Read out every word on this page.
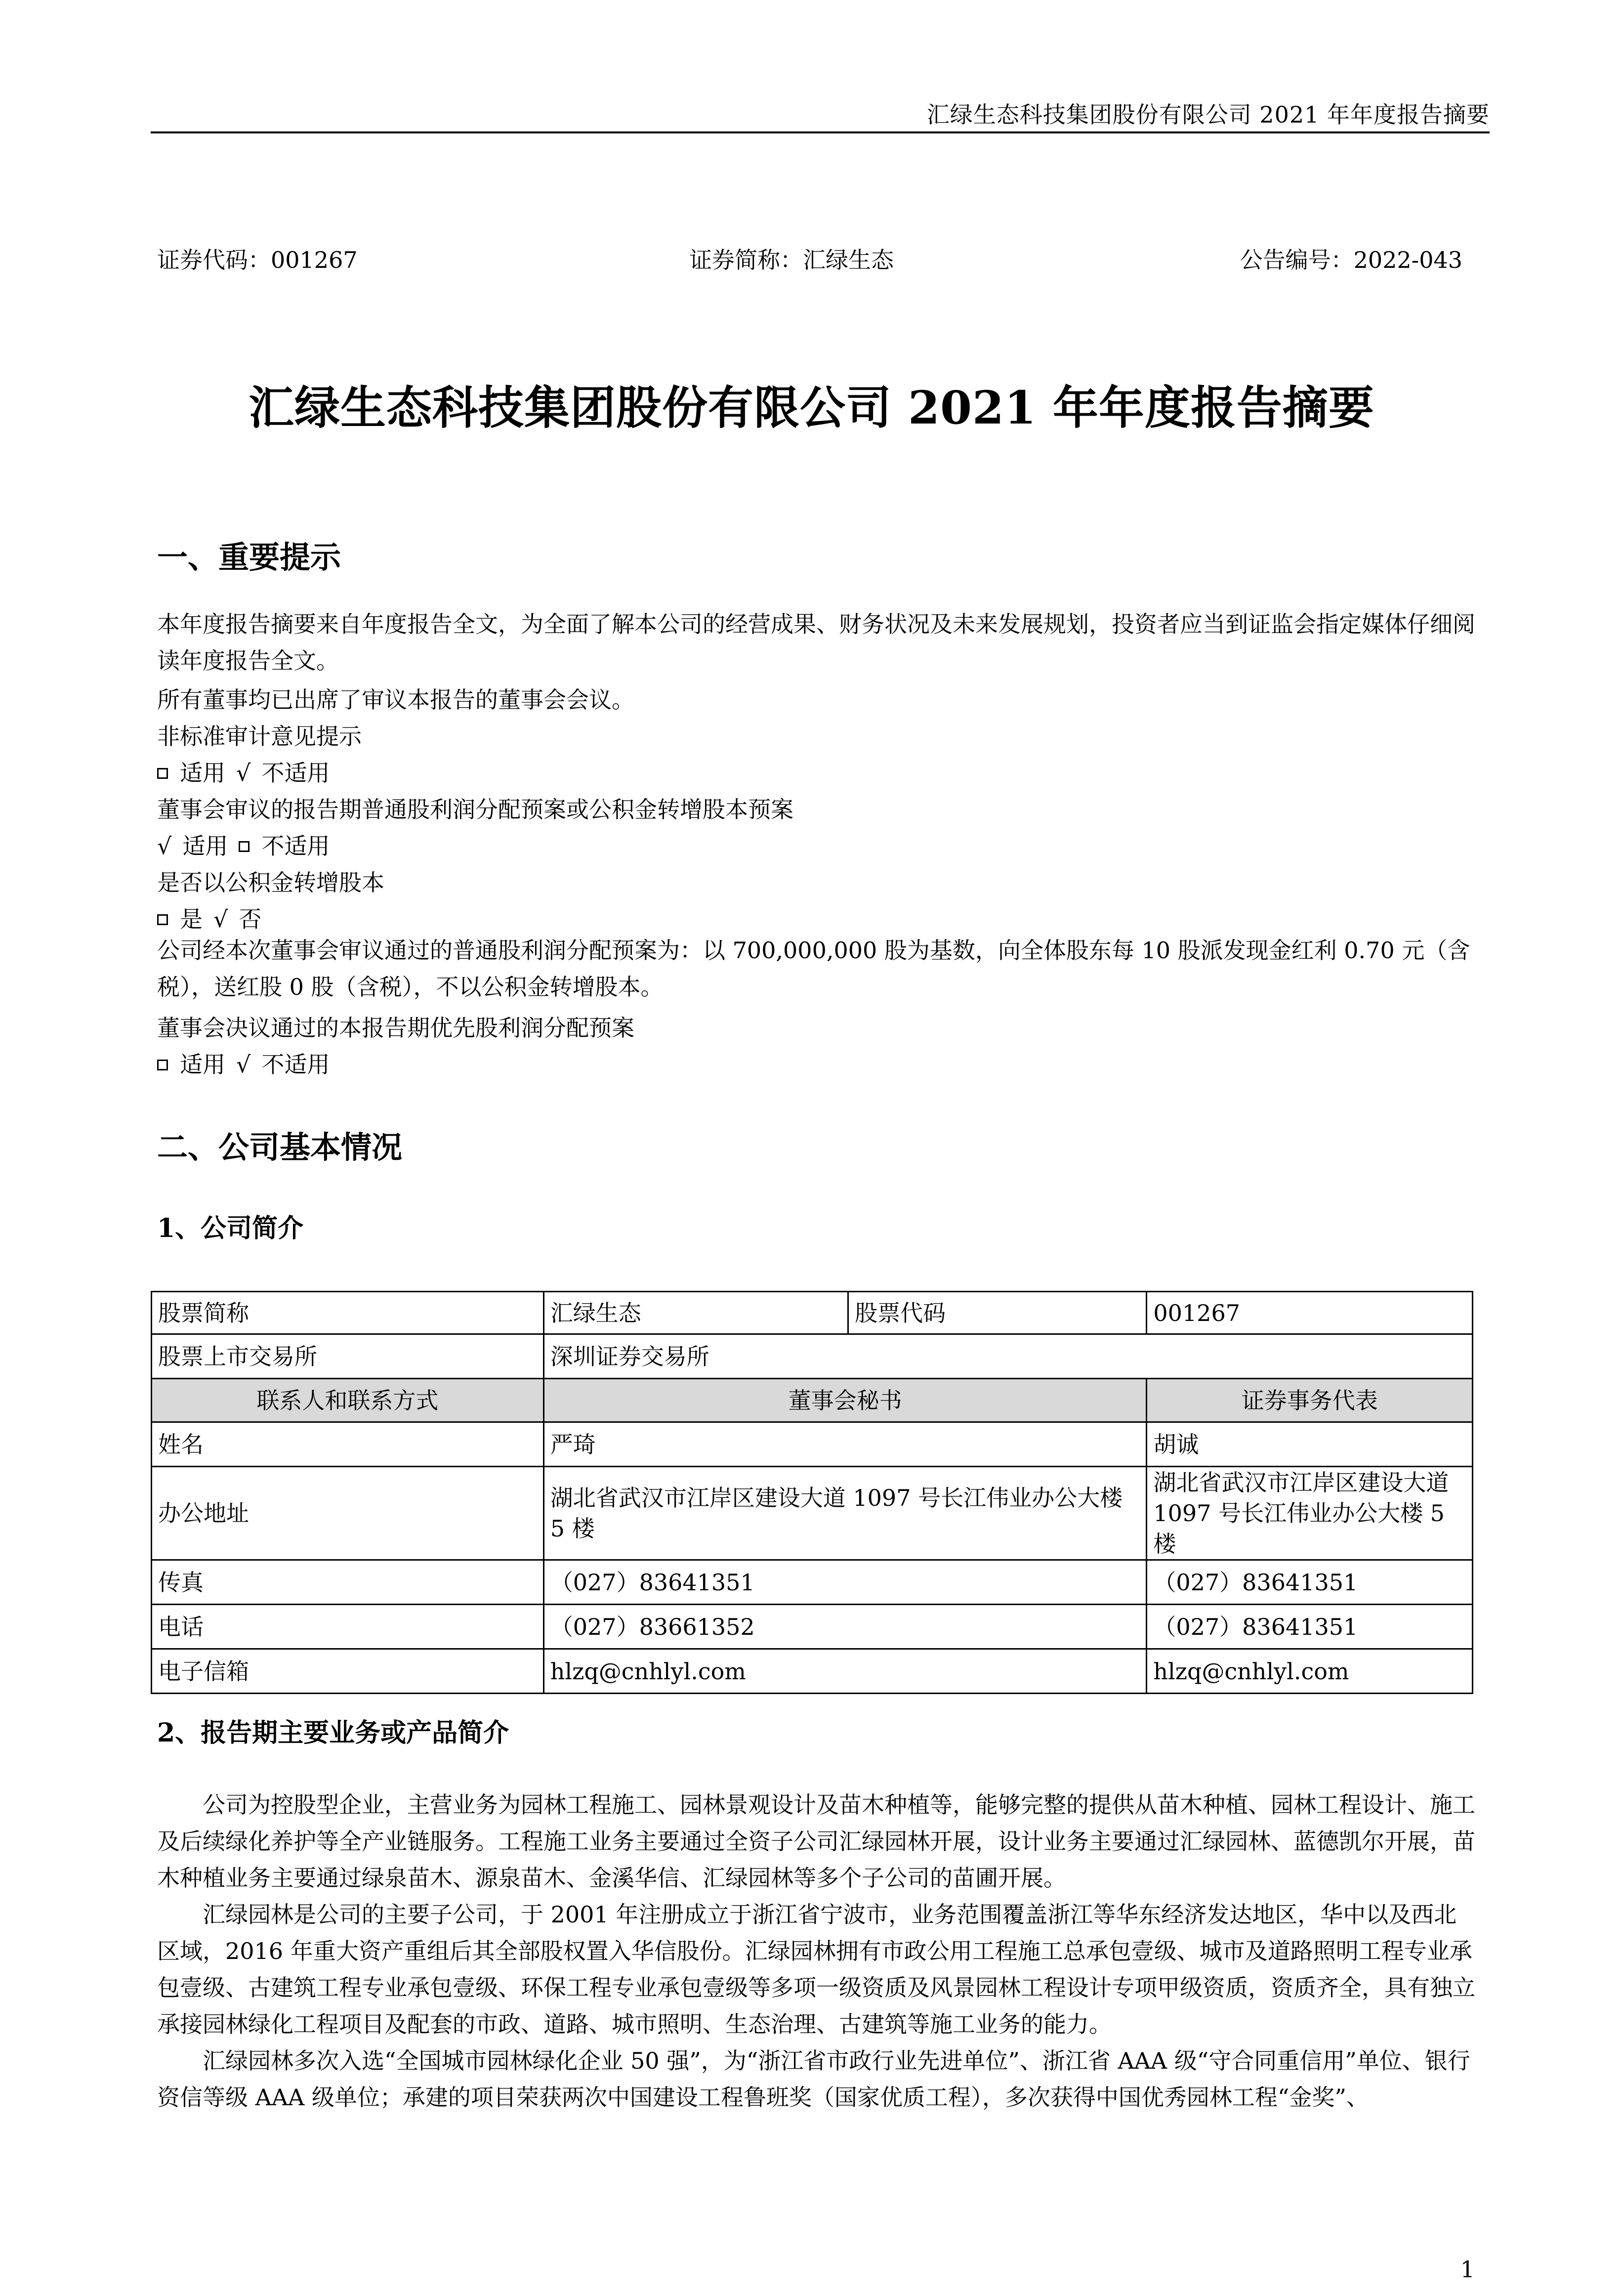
汇绿生态科技集团股份有限公司 2021 年年度报告摘要
证券代码：001267	证券简称：汇绿生态	公告编号：2022-043
汇绿生态科技集团股份有限公司 2021 年年度报告摘要
一、重要提示
本年度报告摘要来自年度报告全文，为全面了解本公司的经营成果、财务状况及未来发展规划，投资者应当到证监会指定媒体仔细阅读年度报告全文。
所有董事均已出席了审议本报告的董事会会议。
非标准审计意见提示
适用 √ 不适用
董事会审议的报告期普通股利润分配预案或公积金转增股本预案
√ 适用 不适用
是否以公积金转增股本
是 √ 否
公司经本次董事会审议通过的普通股利润分配预案为：以 700,000,000 股为基数，向全体股东每 10 股派发现金红利 0.70 元（含税），送红股 0 股（含税），不以公积金转增股本。
董事会决议通过的本报告期优先股利润分配预案
适用 √ 不适用
二、公司基本情况
1、公司简介
股票简称	汇绿生态	股票代码	001267
股票上市交易所	深圳证券交易所		
联系人和联系方式	董事会秘书		证券事务代表
姓名	严琦		胡诚
办公地址	湖北省武汉市江岸区建设大道 1097 号长江伟业办公大楼 5 楼		湖北省武汉市江岸区建设大道 1097 号长江伟业办公大楼 5 楼
传真	（027）83641351		（027）83641351
电话	（027）83661352		（027）83641351
电子信箱	hlzq@cnhlyl.com		hlzq@cnhlyl.com
2、报告期主要业务或产品简介
公司为控股型企业，主营业务为园林工程施工、园林景观设计及苗木种植等，能够完整的提供从苗木种植、园林工程设计、施工及后续绿化养护等全产业链服务。工程施工业务主要通过全资子公司汇绿园林开展，设计业务主要通过汇绿园林、蓝德凯尔开展，苗木种植业务主要通过绿泉苗木、源泉苗木、金溪华信、汇绿园林等多个子公司的苗圃开展。
汇绿园林是公司的主要子公司，于 2001 年注册成立于浙江省宁波市，业务范围覆盖浙江等华东经济发达地区，华中以及西北区域，2016 年重大资产重组后其全部股权置入华信股份。汇绿园林拥有市政公用工程施工总承包壹级、城市及道路照明工程专业承包壹级、古建筑工程专业承包壹级、环保工程专业承包壹级等多项一级资质及风景园林工程设计专项甲级资质，资质齐全，具有独立承接园林绿化工程项目及配套的市政、道路、城市照明、生态治理、古建筑等施工业务的能力。
汇绿园林多次入选“全国城市园林绿化企业 50 强”，为“浙江省市政行业先进单位”、浙江省 AAA 级“守合同重信用”单位、银行资信等级 AAA 级单位；承建的项目荣获两次中国建设工程鲁班奖（国家优质工程），多次获得中国优秀园林工程“金奖”、
1
